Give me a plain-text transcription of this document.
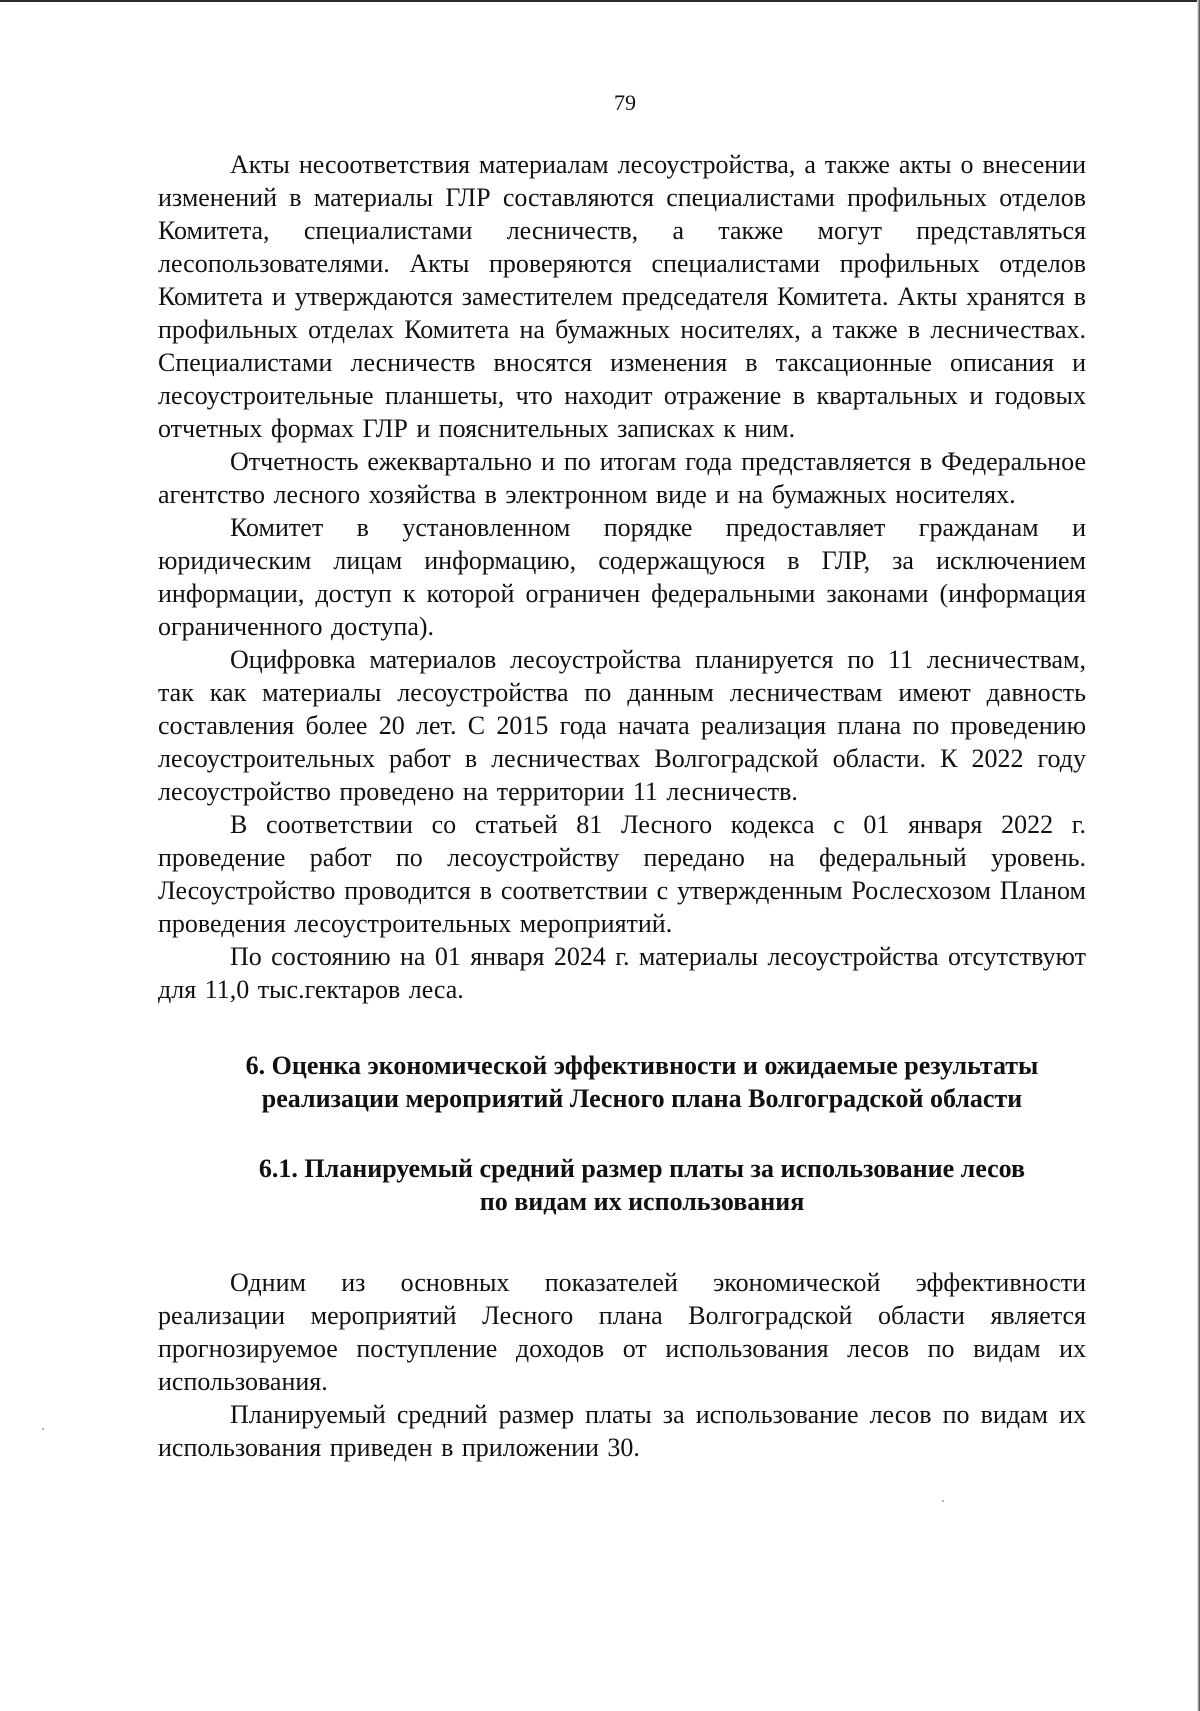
79

Акты несоответствия материалам лесоустройства, а также акты о внесении изменений в материалы ГЛР составляются специалистами профильных отделов Комитета, специалистами лесничеств, а также могут представляться лесопользователями. Акты проверяются специалистами профильных отделов Комитета и утверждаются заместителем председателя Комитета. Акты хранятся в профильных отделах Комитета на бумажных носителях, а также в лесничествах. Специалистами лесничеств вносятся изменения в таксационные описания и лесоустроительные планшеты, что находит отражение в квартальных и годовых отчетных формах ГЛР и пояснительных записках к ним.

Отчетность ежеквартально и по итогам года представляется в Федеральное агентство лесного хозяйства в электронном виде и на бумажных носителях.

Комитет в установленном порядке предоставляет гражданам и юридическим лицам информацию, содержащуюся в ГЛР, за исключением информации, доступ к которой ограничен федеральными законами (информация ограниченного доступа).

Оцифровка материалов лесоустройства планируется по 11 лесничествам, так как материалы лесоустройства по данным лесничествам имеют давность составления более 20 лет. С 2015 года начата реализация плана по проведению лесоустроительных работ в лесничествах Волгоградской области. К 2022 году лесоустройство проведено на территории 11 лесничеств.

В соответствии со статьей 81 Лесного кодекса с 01 января 2022 г. проведение работ по лесоустройству передано на федеральный уровень. Лесоустройство проводится в соответствии с утвержденным Рослесхозом Планом проведения лесоустроительных мероприятий.

По состоянию на 01 января 2024 г. материалы лесоустройства отсутствуют для 11,0 тыс.гектаров леса.

6. Оценка экономической эффективности и ожидаемые результаты
реализации мероприятий Лесного плана Волгоградской области
6.1. Планируемый средний размер платы за использование лесов
по видам их использования

Одним из основных показателей экономической эффективности реализации мероприятий Лесного плана Волгоградской области является прогнозируемое поступление доходов от использования лесов по видам их использования.

Планируемый средний размер платы за использование лесов по видам их использования приведен в приложении 30.
